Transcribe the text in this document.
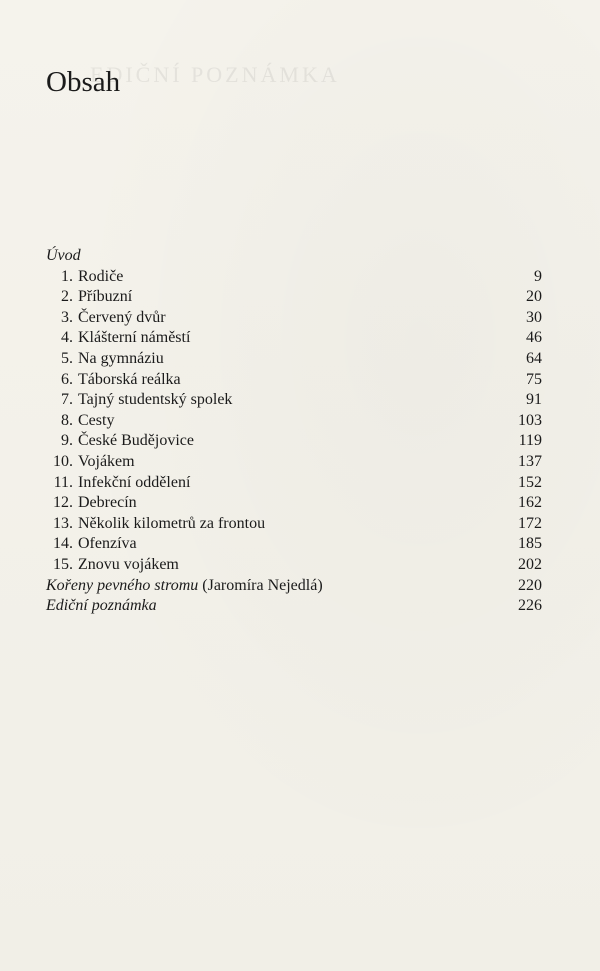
EDIČNÍ POZNÁMKA
Obsah
Úvod
1. Rodiče	9
2. Příbuzní	20
3. Červený dvůr	30
4. Klášterní náměstí	46
5. Na gymnáziu	64
6. Táborská reálka	75
7. Tajný studentský spolek	91
8. Cesty	103
9. České Budějovice	119
10. Vojákem	137
11. Infekční oddělení	152
12. Debrecín	162
13. Několik kilometrů za frontou	172
14. Ofenzíva	185
15. Znovu vojákem	202
Kořeny pevného stromu (Jaromíra Nejedlá)	220
Ediční poznámka	226
